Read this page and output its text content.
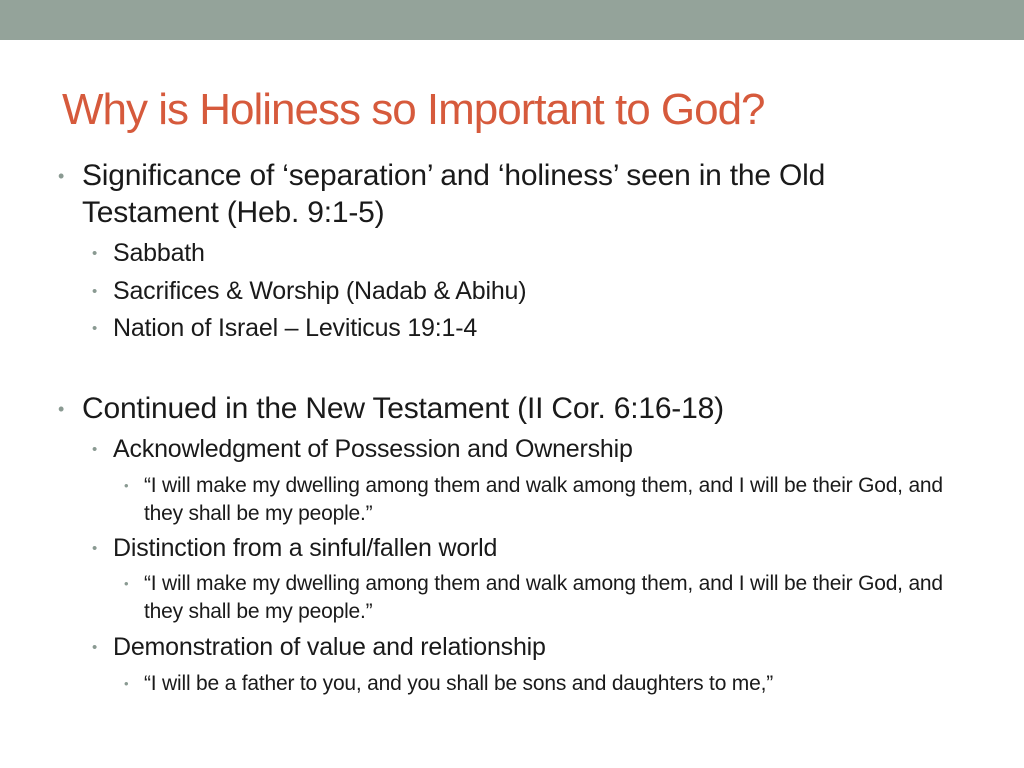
Why is Holiness so Important to God?
• Significance of ‘separation’ and ‘holiness’ seen in the Old Testament (Heb. 9:1-5)
• Sabbath
• Sacrifices & Worship (Nadab & Abihu)
• Nation of Israel – Leviticus 19:1-4
• Continued in the New Testament (II Cor. 6:16-18)
• Acknowledgment of Possession and Ownership
• “I will make my dwelling among them and walk among them, and I will be their God, and they shall be my people.”
• Distinction from a sinful/fallen world
• “I will make my dwelling among them and walk among them, and I will be their God, and they shall be my people.”
• Demonstration of value and relationship
• “I will be a father to you, and you shall be sons and daughters to me,”
